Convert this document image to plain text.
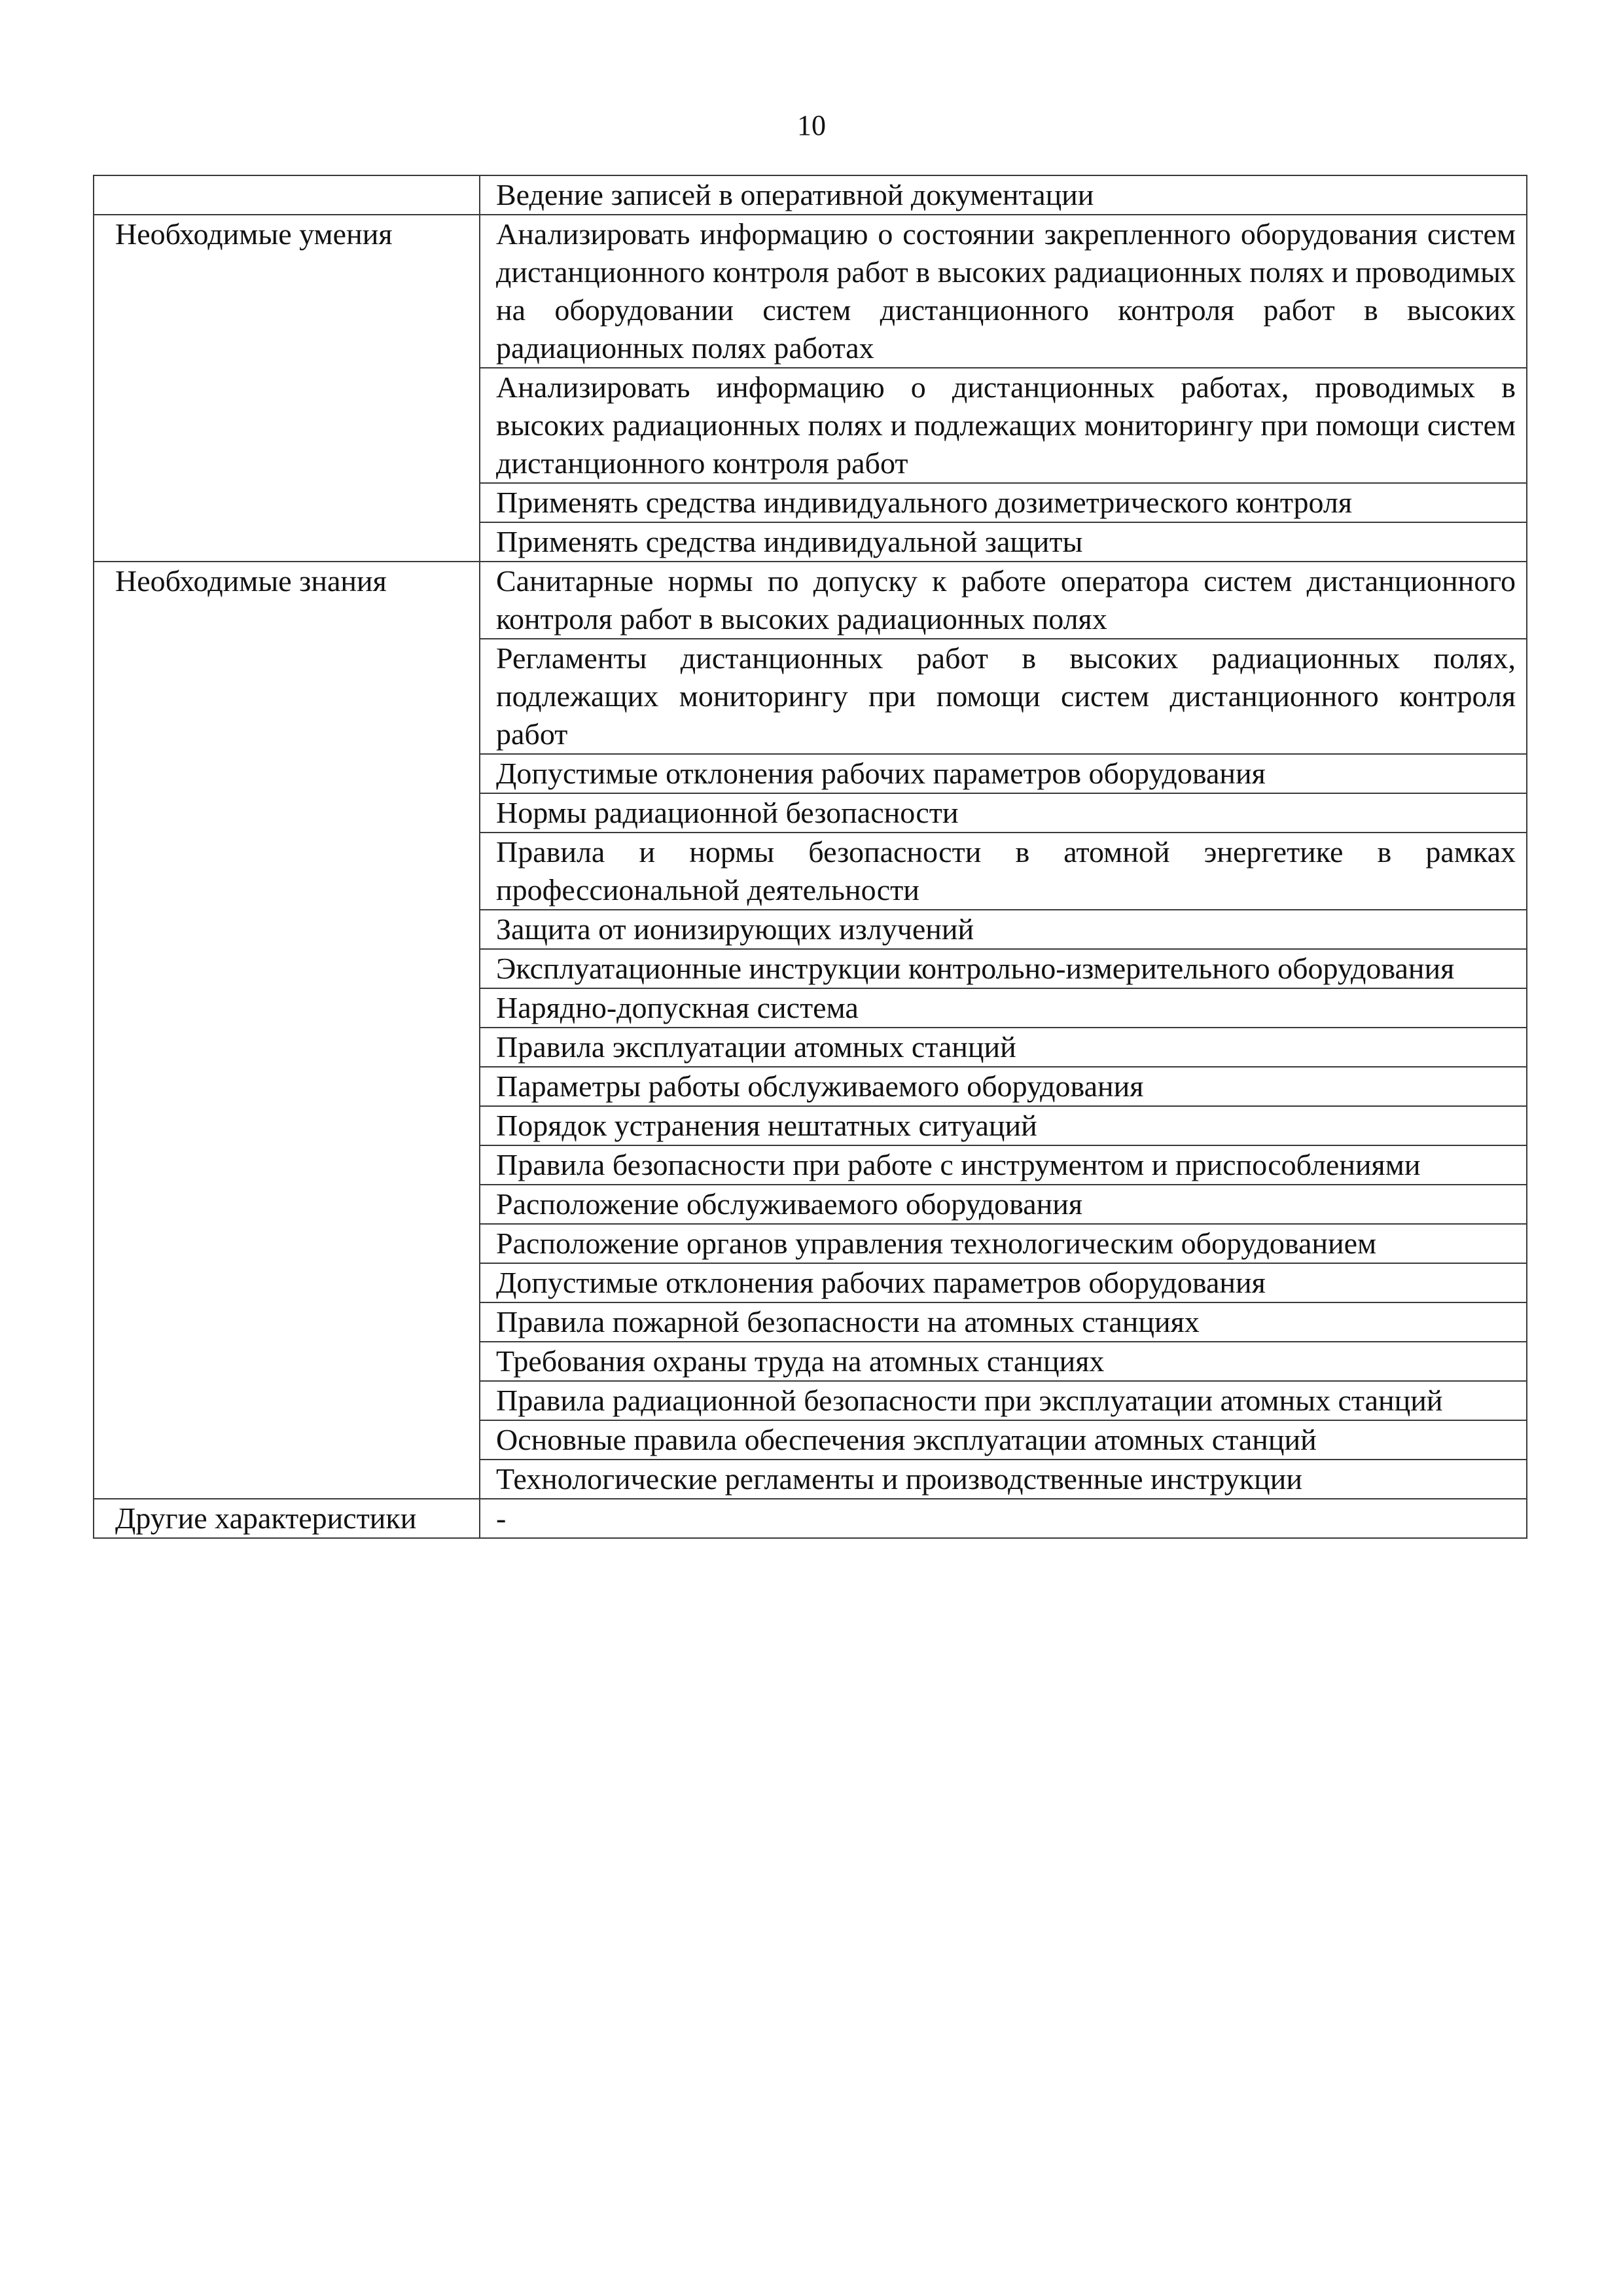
10
	Ведение записей в оперативной документации
Необходимые умения	Анализировать информацию о состоянии закрепленного оборудования систем дистанционного контроля работ в высоких радиационных полях и проводимых на оборудовании систем дистанционного контроля работ в высоких радиационных полях работах
	Анализировать информацию о дистанционных работах, проводимых в высоких радиационных полях и подлежащих мониторингу при помощи систем дистанционного контроля работ
	Применять средства индивидуального дозиметрического контроля
	Применять средства индивидуальной защиты
Необходимые знания	Санитарные нормы по допуску к работе оператора систем дистанционного контроля работ в высоких радиационных полях
	Регламенты дистанционных работ в высоких радиационных полях, подлежащих мониторингу при помощи систем дистанционного контроля работ
	Допустимые отклонения рабочих параметров оборудования
	Нормы радиационной безопасности
	Правила и нормы безопасности в атомной энергетике в рамках профессиональной деятельности
	Защита от ионизирующих излучений
	Эксплуатационные инструкции контрольно-измерительного оборудования
	Нарядно-допускная система
	Правила эксплуатации атомных станций
	Параметры работы обслуживаемого оборудования
	Порядок устранения нештатных ситуаций
	Правила безопасности при работе с инструментом и приспособлениями
	Расположение обслуживаемого оборудования
	Расположение органов управления технологическим оборудованием
	Допустимые отклонения рабочих параметров оборудования
	Правила пожарной безопасности на атомных станциях
	Требования охраны труда на атомных станциях
	Правила радиационной безопасности при эксплуатации атомных станций
	Основные правила обеспечения эксплуатации атомных станций
	Технологические регламенты и производственные инструкции
Другие характеристики	-
